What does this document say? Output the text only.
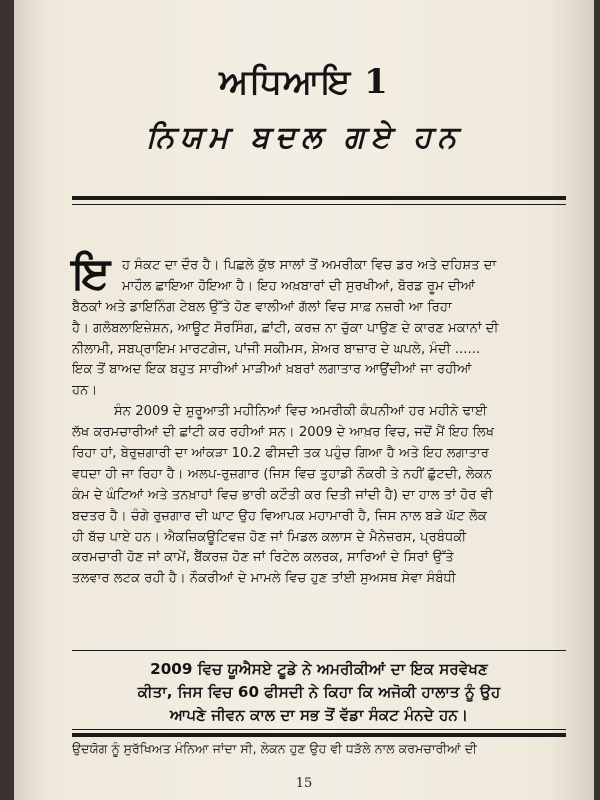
ਅਧਿਆਇ 1
ਨਿਯਮ ਬਦਲ ਗਏ ਹਨ
ਇ ਹ ਸੰਕਟ ਦਾ ਦੌਰ ਹੈ। ਪਿਛਲੇ ਕੁੱਝ ਸਾਲਾਂ ਤੋਂ ਅਮਰੀਕਾ ਵਿਚ ਡਰ ਅਤੇ ਦਹਿਸ਼ਤ ਦਾ
ਮਾਹੌਲ ਛਾਇਆ ਹੋਇਆ ਹੈ। ਇਹ ਅਖ਼ਬਾਰਾਂ ਦੀ ਸੁਰਖੀਆਂ, ਬੋਰਡ ਰੂਮ ਦੀਆਂ
ਬੈਠਕਾਂ ਅਤੇ ਡਾਇਨਿੰਗ ਟੇਬਲ ਉੱਤੇ ਹੋਣ ਵਾਲੀਆਂ ਗੱਲਾਂ ਵਿਚ ਸਾਫ਼ ਨਜ਼ਰੀ ਆ ਰਿਹਾ
ਹੈ। ਗਲੋਬਲਾਇਜ਼ੇਸ਼ਨ, ਆਊਟ ਸੋਰਸਿੰਗ, ਛਾਂਟੀ, ਕਰਜ਼ ਨਾ ਚੁੱਕਾ ਪਾਉਣ ਦੇ ਕਾਰਣ ਮਕਾਨਾਂ ਦੀ
ਨੀਲਾਮੀ, ਸਬਪ੍ਰਾਇਮ ਮਾਰਟਗੇਜ, ਪਾਂਜੀ ਸਕੀਮਸ, ਸ਼ੇਅਰ ਬਾਜ਼ਾਰ ਦੇ ਘਪਲੇ, ਮੰਦੀ ......
ਇਕ ਤੋਂ ਬਾਅਦ ਇਕ ਬਹੁਤ ਸਾਰੀਆਂ ਮਾੜੀਆਂ ਖ਼ਬਰਾਂ ਲਗਾਤਾਰ ਆਉਂਦੀਆਂ ਜਾ ਰਹੀਆਂ
ਹਨ।
ਸੰਨ 2009 ਦੇ ਸ਼ੁਰੂਆਤੀ ਮਹੀਨਿਆਂ ਵਿਚ ਅਮਰੀਕੀ ਕੰਪਨੀਆਂ ਹਰ ਮਹੀਨੇ ਢਾਈ
ਲੱਖ ਕਰਮਚਾਰੀਆਂ ਦੀ ਛਾਂਟੀ ਕਰ ਰਹੀਆਂ ਸਨ। 2009 ਦੇ ਆਖ਼ਰ ਵਿਚ, ਜਦੋਂ ਮੈਂ ਇਹ ਲਿਖ
ਰਿਹਾ ਹਾਂ, ਬੇਰੁਜ਼ਗਾਰੀ ਦਾ ਆਂਕੜਾ 10.2 ਫੀਸਦੀ ਤਕ ਪਹੁੰਚ ਗਿਆ ਹੈ ਅਤੇ ਇਹ ਲਗਾਤਾਰ
ਵਧਦਾ ਹੀ ਜਾ ਰਿਹਾ ਹੈ। ਅਲਪ-ਰੁਜ਼ਗਾਰ (ਜਿਸ ਵਿਚ ਤੁਹਾਡੀ ਨੌਕਰੀ ਤੇ ਨਹੀਂ ਛੁੱਟਦੀ, ਲੇਕਨ
ਕੰਮ ਦੇ ਘੰਟਿਆਂ ਅਤੇ ਤਨਖ਼ਾਹਾਂ ਵਿਚ ਭਾਰੀ ਕਟੌਤੀ ਕਰ ਦਿਤੀ ਜਾਂਦੀ ਹੈ) ਦਾ ਹਾਲ ਤਾਂ ਹੋਰ ਵੀ
ਬਦਤਰ ਹੈ। ਚੰਗੇ ਰੁਜ਼ਗਾਰ ਦੀ ਘਾਟ ਉਹ ਵਿਆਪਕ ਮਹਾਮਾਰੀ ਹੈ, ਜਿਸ ਨਾਲ ਬੜੇ ਘੱਟ ਲੋਕ
ਹੀ ਬੱਚ ਪਾਏ ਹਨ। ਐਕਜ਼ਿਕਊਟਿਵਜ਼ ਹੋਣ ਜਾਂ ਮਿਡਲ ਕਲਾਸ ਦੇ ਮੈਨੇਜ਼ਰਸ, ਪ੍ਰਬੰਧਕੀ
ਕਰਮਚਾਰੀ ਹੋਣ ਜਾਂ ਕਾਮੇਂ, ਬੈਂਕਰਜ਼ ਹੋਣ ਜਾਂ ਰਿਟੇਲ ਕਲਰਕ, ਸਾਰਿਆਂ ਦੇ ਸਿਰਾਂ ਉੱਤੇ
ਤਲਵਾਰ ਲਟਕ ਰਹੀ ਹੈ। ਨੌਕਰੀਆਂ ਦੇ ਮਾਮਲੇ ਵਿਚ ਹੁਣ ਤਾਂਈ ਸੁਅਸਥ ਸੇਵਾ ਸੰਬੰਧੀ
2009 ਵਿਚ ਯੂਐਸਏ ਟੂਡੇ ਨੇ ਅਮਰੀਕੀਆਂ ਦਾ ਇਕ ਸਰਵੇਖਣ
ਕੀਤਾ, ਜਿਸ ਵਿਚ 60 ਫੀਸਦੀ ਨੇ ਕਿਹਾ ਕਿ ਅਜੋਕੀ ਹਾਲਾਤ ਨੂੰ ਉਹ
ਆਪਣੇ ਜੀਵਨ ਕਾਲ ਦਾ ਸਭ ਤੋਂ ਵੱਡਾ ਸੰਕਟ ਮੰਨਦੇ ਹਨ।
ਉਦਯੋਗ ਨੂੰ ਸੁਰੱਖਿਅਤ ਮੰਨਿਆ ਜਾਂਦਾ ਸੀ, ਲੇਕਨ ਹੁਣ ਉਹ ਵੀ ਧੜੱਲੇ ਨਾਲ ਕਰਮਚਾਰੀਆਂ ਦੀ
15
